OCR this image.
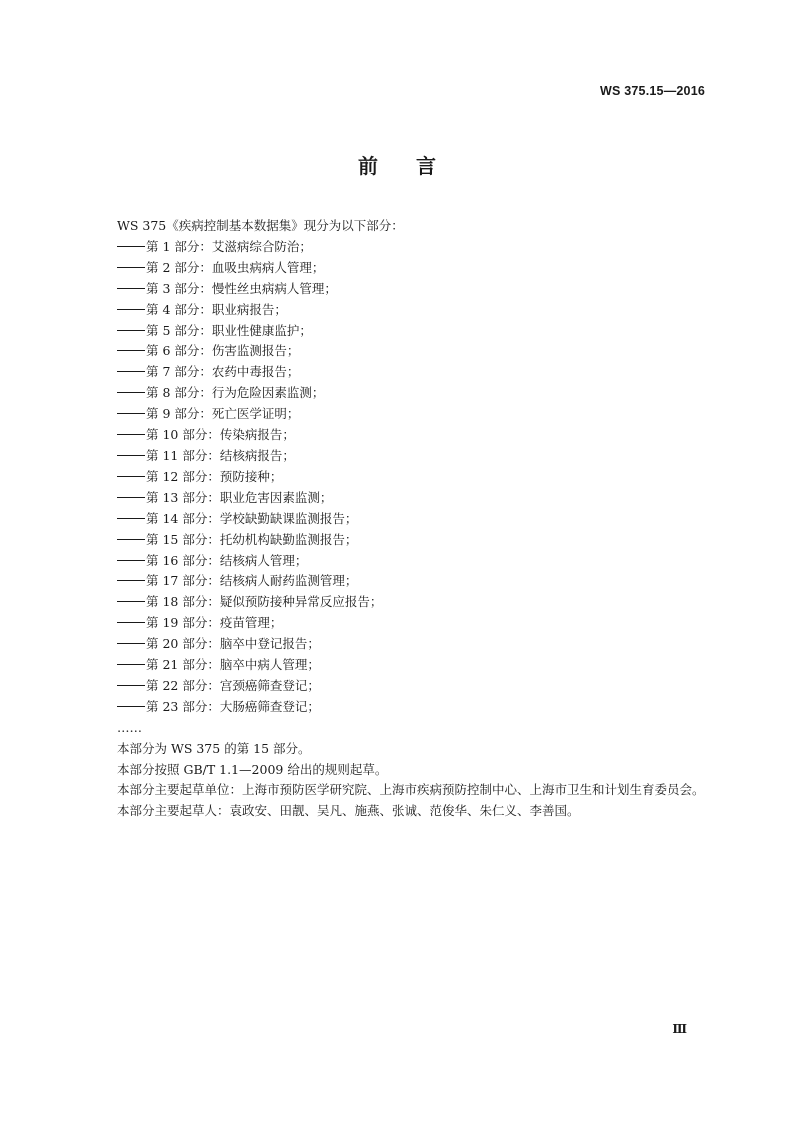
WS 375.15—2016
前言
WS 375《疾病控制基本数据集》现分为以下部分：
第 1 部分：艾滋病综合防治；
第 2 部分：血吸虫病病人管理；
第 3 部分：慢性丝虫病病人管理；
第 4 部分：职业病报告；
第 5 部分：职业性健康监护；
第 6 部分：伤害监测报告；
第 7 部分：农药中毒报告；
第 8 部分：行为危险因素监测；
第 9 部分：死亡医学证明；
第 10 部分：传染病报告；
第 11 部分：结核病报告；
第 12 部分：预防接种；
第 13 部分：职业危害因素监测；
第 14 部分：学校缺勤缺课监测报告；
第 15 部分：托幼机构缺勤监测报告；
第 16 部分：结核病人管理；
第 17 部分：结核病人耐药监测管理；
第 18 部分：疑似预防接种异常反应报告；
第 19 部分：疫苗管理；
第 20 部分：脑卒中登记报告；
第 21 部分：脑卒中病人管理；
第 22 部分：宫颈癌筛查登记；
第 23 部分：大肠癌筛查登记；
……
本部分为 WS 375 的第 15 部分。
本部分按照 GB/T 1.1—2009 给出的规则起草。
本部分主要起草单位：上海市预防医学研究院、上海市疾病预防控制中心、上海市卫生和计划生育委员会。
本部分主要起草人：袁政安、田靓、吴凡、施燕、张诚、范俊华、朱仁义、李善国。
Ⅲ
